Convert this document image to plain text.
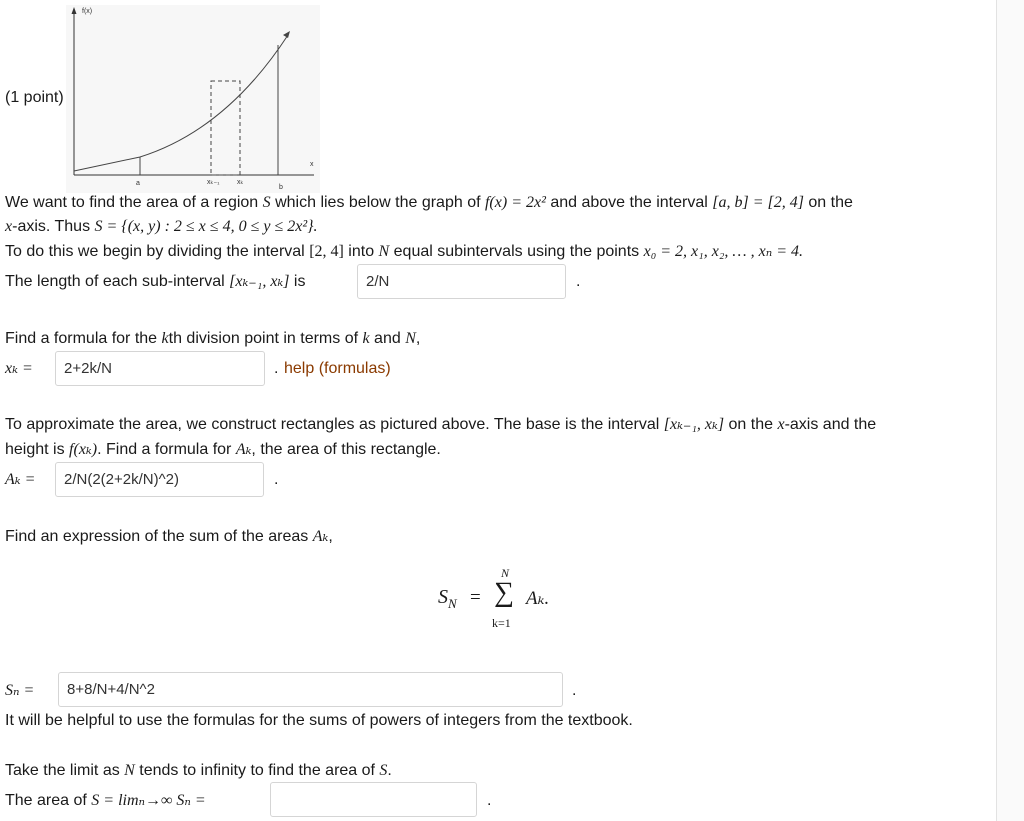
f(x)
x
a	xₖ₋₁ xₖ
b
(1 point)
We want to find the area of a region S which lies below the graph of f(x) = 2x² and above the interval [a, b] = [2, 4] on the
x-axis. Thus S = {(x, y) : 2 ≤ x ≤ 4, 0 ≤ y ≤ 2x²}.
To do this we begin by dividing the interval [2, 4] into N equal subintervals using the points x₀ = 2, x₁, x₂, … , xₙ = 4.
The length of each sub-interval [xₖ₋₁, xₖ] is	2/N	.
Find a formula for the kth division point in terms of k and N,
xₖ =	2+2k/N	. help (formulas)
To approximate the area, we construct rectangles as pictured above. The base is the interval [xₖ₋₁, xₖ] on the x-axis and the
height is f(xₖ). Find a formula for Aₖ, the area of this rectangle.
Aₖ =	2/N(2(2+2k/N)^2)	.
Find an expression of the sum of the areas Aₖ,
$S_N$ =
N
∑
k=1
Aₖ.
Sₙ =	8+8/N+4/N^2	.
It will be helpful to use the formulas for the sums of powers of integers from the textbook.
Take the limit as N tends to infinity to find the area of S.
The area of S = limₙ→∞ Sₙ =	.
